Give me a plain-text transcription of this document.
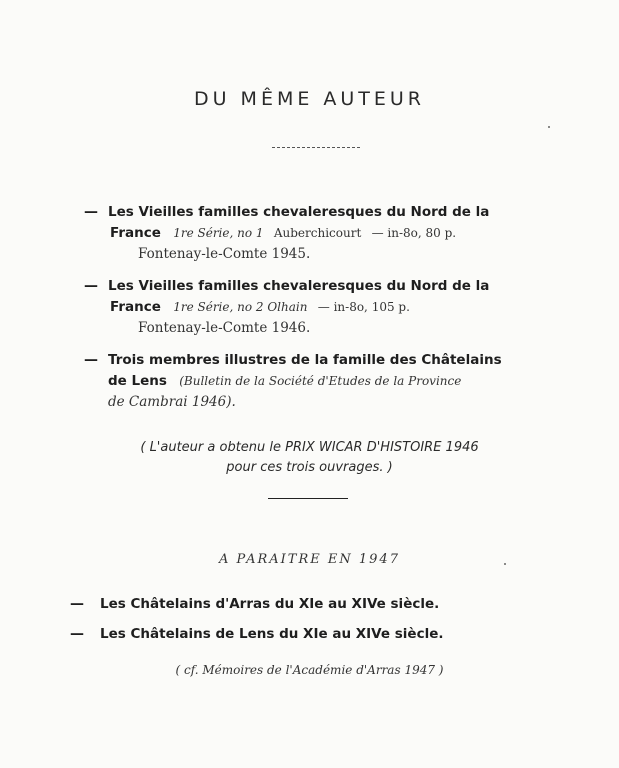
DU MÊME AUTEUR
— Les Vieilles familles chevaleresques du Nord de la
France 1re Série, no 1 Auberchicourt — in-8o, 80 p.
Fontenay-le-Comte 1945.
— Les Vieilles familles chevaleresques du Nord de la
France 1re Série, no 2 Olhain — in-8o, 105 p.
Fontenay-le-Comte 1946.
— Trois membres illustres de la famille des Châtelains
de Lens (Bulletin de la Société d'Etudes de la Province
de Cambrai 1946).
( L'auteur a obtenu le PRIX WICAR D'HISTOIRE 1946
pour ces trois ouvrages. )
A PARAITRE EN 1947
— Les Châtelains d'Arras du XIe au XIVe siècle.
— Les Châtelains de Lens du XIe au XIVe siècle.
( cf. Mémoires de l'Académie d'Arras 1947 )
